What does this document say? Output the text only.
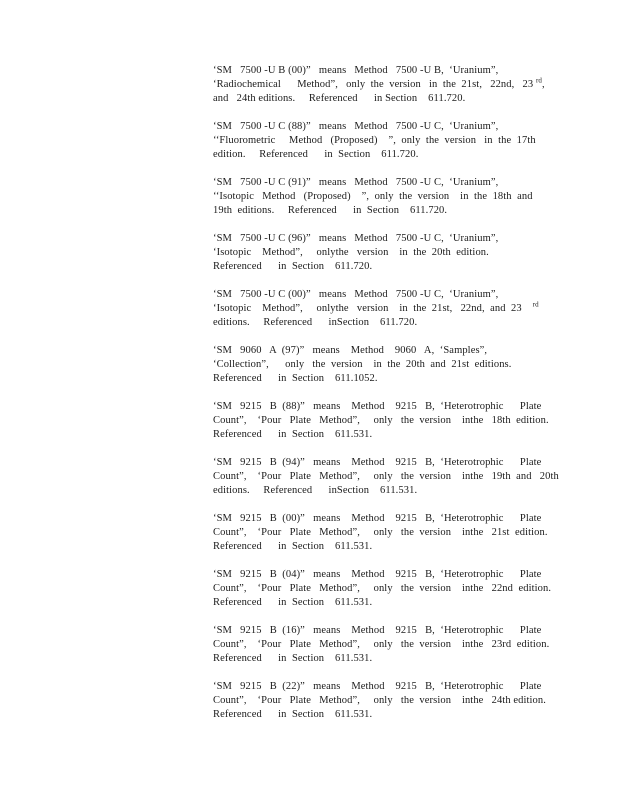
‘SM   7500 -U B (00)”   means   Method   7500 -U B,  ‘Uranium”,
‘Radiochemical      Method”,   only  the  version   in  the  21st,   22nd,   23 $^{rd}$,
and   24th editions.     Referenced      in Section    611.720.
‘SM   7500 -U C (88)”   means   Method   7500 -U C,  ‘Uranium”,
‘‘Fluorometric     Method   (Proposed)    ”,  only  the  version   in  the  17th
edition.     Referenced      in  Section    611.720.
‘SM   7500 -U C (91)”   means   Method   7500 -U C,  ‘Uranium”,
‘‘Isotopic   Method   (Proposed)    ”,  only  the  version    in  the  18th  and
19th  editions.     Referenced      in  Section    611.720.
‘SM   7500 -U C (96)”   means   Method   7500 -U C,  ‘Uranium”,
‘Isotopic    Method”,     onlythe   version    in  the  20th  edition.
Referenced      in  Section    611.720.
‘SM   7500 -U C (00)”   means   Method   7500 -U C,  ‘Uranium”,
‘Isotopic    Method”,     onlythe   version    in  the  21st,   22nd,  and  23    $^{rd}$
editions.     Referenced      inSection    611.720.
‘SM   9060   A  (97)”   means    Method    9060   A,  ‘Samples”,
‘Collection”,      only   the  version    in  the  20th  and  21st  editions.
Referenced      in  Section    611.1052.
‘SM   9215   B  (88)”   means    Method    9215   B,  ‘Heterotrophic      Plate
Count”,    ‘Pour   Plate   Method”,     only   the  version    inthe   18th  edition.
Referenced      in  Section    611.531.
‘SM   9215   B  (94)”   means    Method    9215   B,  ‘Heterotrophic      Plate
Count”,    ‘Pour   Plate   Method”,     only   the  version    inthe   19th  and   20th
editions.     Referenced      inSection    611.531.
‘SM   9215   B  (00)”   means    Method    9215   B,  ‘Heterotrophic      Plate
Count”,    ‘Pour   Plate   Method”,     only   the  version    inthe   21st  edition.
Referenced      in  Section    611.531.
‘SM   9215   B  (04)”   means    Method    9215   B,  ‘Heterotrophic      Plate
Count”,    ‘Pour   Plate   Method”,     only   the  version    inthe   22nd  edition.
Referenced      in  Section    611.531.
‘SM   9215   B  (16)”   means    Method    9215   B,  ‘Heterotrophic      Plate
Count”,    ‘Pour   Plate   Method”,     only   the  version    inthe   23rd  edition.
Referenced      in  Section    611.531.
‘SM   9215   B  (22)”   means    Method    9215   B,  ‘Heterotrophic      Plate
Count”,    ‘Pour   Plate   Method”,     only   the  version    inthe   24th edition.
Referenced      in  Section    611.531.
